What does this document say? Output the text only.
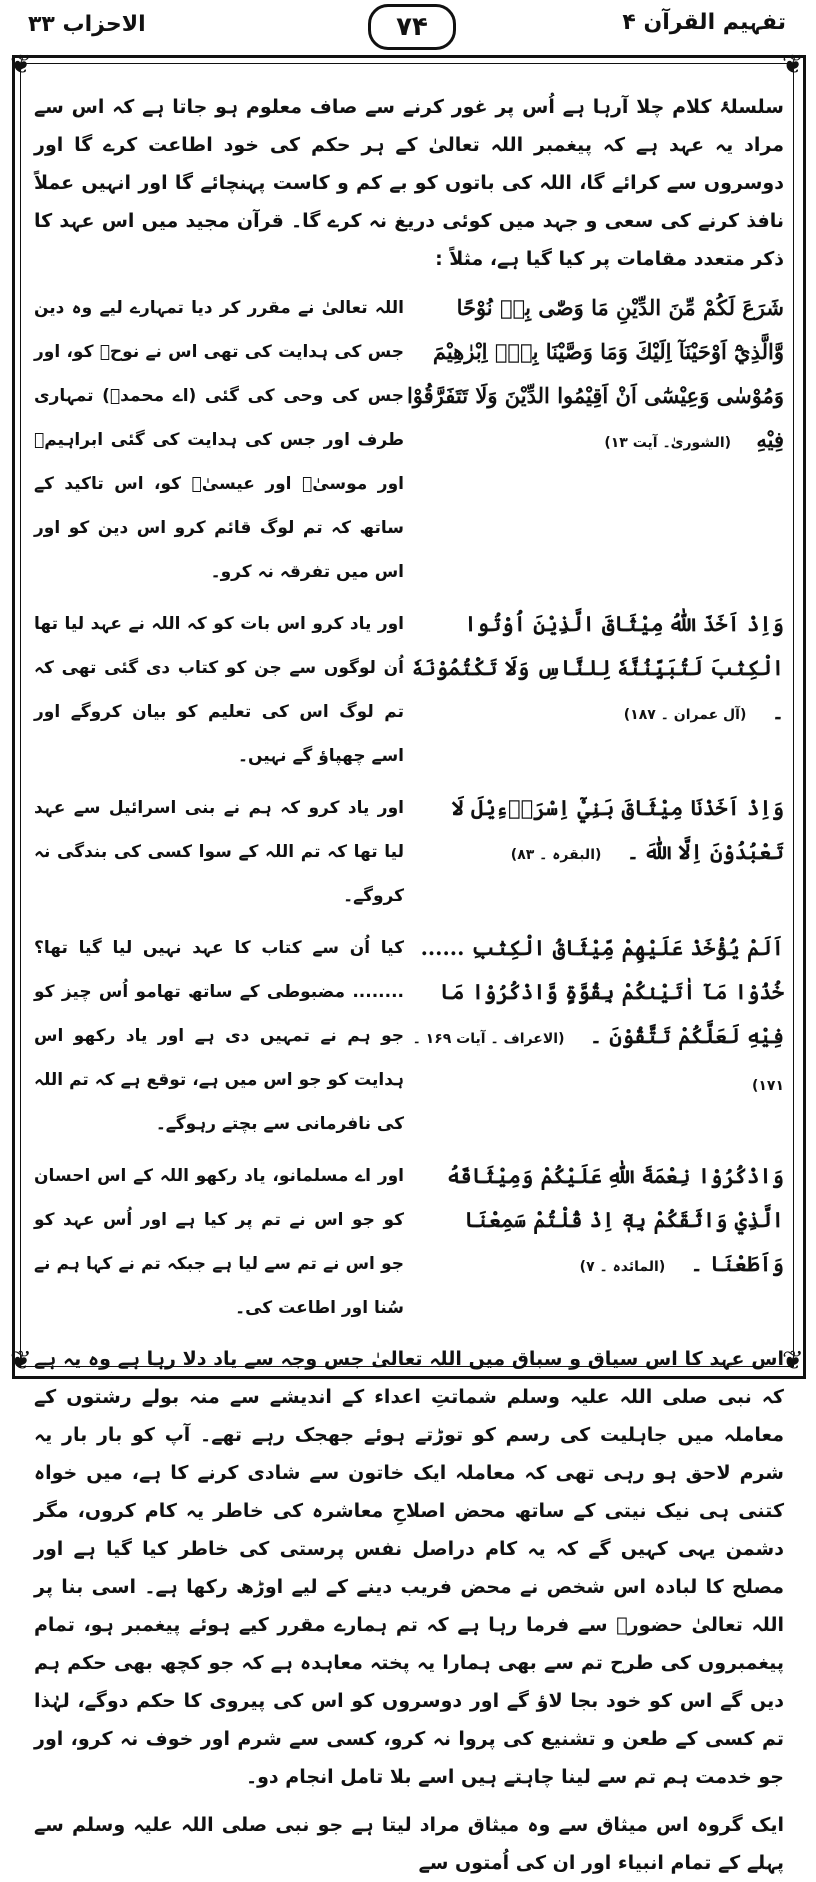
الاحزاب ۳۳	۷۴	تفہیم القرآن ۴
❦	❦
❦	❦

سلسلۂ کلام چلا آرہا ہے اُس پر غور کرنے سے صاف معلوم ہو جاتا ہے کہ اس سے مراد یہ عہد ہے کہ پیغمبر اللہ تعالیٰ کے ہر حکم کی خود اطاعت کرے گا اور دوسروں سے کرائے گا، اللہ کی باتوں کو بے کم و کاست پہنچائے گا اور انہیں عملاً نافذ کرنے کی سعی و جہد میں کوئی دریغ نہ کرے گا۔ قرآن مجید میں اس عہد کا ذکر متعدد مقامات پر کیا گیا ہے، مثلاً :

شَرَعَ لَكُمْ مِّنَ الدِّيْنِ مَا وَصّٰى بِهٖ نُوْحًا وَّالَّذِيْٓ اَوْحَيْنَآ اِلَيْكَ وَمَا وَصَّيْنَا بِهٖٓ اِبْرٰهِيْمَ وَمُوْسٰى وَعِيْسٰٓى اَنْ اَقِيْمُوا الدِّيْنَ وَلَا تَتَفَرَّقُوْا فِيْهِ (الشوریٰ۔ آیت ۱۳)
اللہ تعالیٰ نے مقرر کر دیا تمہارے لیے وہ دین جس کی ہدایت کی تھی اس نے نوحؑ کو، اور جس کی وحی کی گئی (اے محمدؐ) تمہاری طرف اور جس کی ہدایت کی گئی ابراہیمؑ اور موسیٰؑ اور عیسیٰؑ کو، اس تاکید کے ساتھ کہ تم لوگ قائم کرو اس دین کو اور اس میں تفرقہ نہ کرو۔
وَاِذْ اَخَذَ اللّٰهُ مِيْثَاقَ الَّذِيْنَ اُوْتُوا الْكِتٰبَ لَتُبَيِّنُنَّهٗ لِلنَّاسِ وَلَا تَكْتُمُوْنَهٗ ۔ (آل عمران ۔ ۱۸۷)
اور یاد کرو اس بات کو کہ اللہ نے عہد لیا تھا اُن لوگوں سے جن کو کتاب دی گئی تھی کہ تم لوگ اس کی تعلیم کو بیان کروگے اور اسے چھپاؤ گے نہیں۔
وَاِذْ اَخَذْنَا مِيْثَاقَ بَنِيْٓ اِسْرَاۗءِيْلَ لَا تَعْبُدُوْنَ اِلَّا اللّٰهَ ۔ (البقرہ ۔ ۸۳)
اور یاد کرو کہ ہم نے بنی اسرائیل سے عہد لیا تھا کہ تم اللہ کے سوا کسی کی بندگی نہ کروگے۔
اَلَمْ يُؤْخَذْ عَلَيْهِمْ مِّيْثَاقُ الْكِتٰبِ ...... خُذُوْا مَآ اٰتَيْنٰكُمْ بِقُوَّةٍ وَّاذْكُرُوْا مَا فِيْهِ لَعَلَّكُمْ تَتَّقُوْنَ ۔ (الاعراف ۔ آیات ۱۶۹ ۔ ۱۷۱)
کیا اُن سے کتاب کا عہد نہیں لیا گیا تھا؟ ........ مضبوطی کے ساتھ تھامو اُس چیز کو جو ہم نے تمہیں دی ہے اور یاد رکھو اس ہدایت کو جو اس میں ہے، توقع ہے کہ تم اللہ کی نافرمانی سے بچتے رہوگے۔
وَاذْكُرُوْا نِعْمَةَ اللّٰهِ عَلَيْكُمْ وَمِيْثَاقَهُ الَّذِيْ وَاثَقَكُمْ بِهٖٓ اِذْ قُلْتُمْ سَمِعْنَا وَاَطَعْنَا ۔ (المائدہ ۔ ۷)
اور اے مسلمانو، یاد رکھو اللہ کے اس احسان کو جو اس نے تم پر کیا ہے اور اُس عہد کو جو اس نے تم سے لیا ہے جبکہ تم نے کہا ہم نے سُنا اور اطاعت کی۔

اس عہد کا اس سیاق و سباق میں اللہ تعالیٰ جس وجہ سے یاد دلا رہا ہے وہ یہ ہے کہ نبی صلی اللہ علیہ وسلم شماتتِ اعداء کے اندیشے سے منہ بولے رشتوں کے معاملہ میں جاہلیت کی رسم کو توڑتے ہوئے جھجک رہے تھے۔ آپ کو بار بار یہ شرم لاحق ہو رہی تھی کہ معاملہ ایک خاتون سے شادی کرنے کا ہے، میں خواہ کتنی ہی نیک نیتی کے ساتھ محض اصلاحِ معاشرہ کی خاطر یہ کام کروں، مگر دشمن یہی کہیں گے کہ یہ کام دراصل نفس پرستی کی خاطر کیا گیا ہے اور مصلح کا لبادہ اس شخص نے محض فریب دینے کے لیے اوڑھ رکھا ہے۔ اسی بنا پر اللہ تعالیٰ حضورؐ سے فرما رہا ہے کہ تم ہمارے مقرر کیے ہوئے پیغمبر ہو، تمام پیغمبروں کی طرح تم سے بھی ہمارا یہ پختہ معاہدہ ہے کہ جو کچھ بھی حکم ہم دیں گے اس کو خود بجا لاؤ گے اور دوسروں کو اس کی پیروی کا حکم دوگے، لہٰذا تم کسی کے طعن و تشنیع کی پروا نہ کرو، کسی سے شرم اور خوف نہ کرو، اور جو خدمت ہم تم سے لینا چاہتے ہیں اسے بلا تامل انجام دو۔

ایک گروہ اس میثاق سے وہ میثاق مراد لیتا ہے جو نبی صلی اللہ علیہ وسلم سے پہلے کے تمام انبیاء اور ان کی اُمتوں سے
